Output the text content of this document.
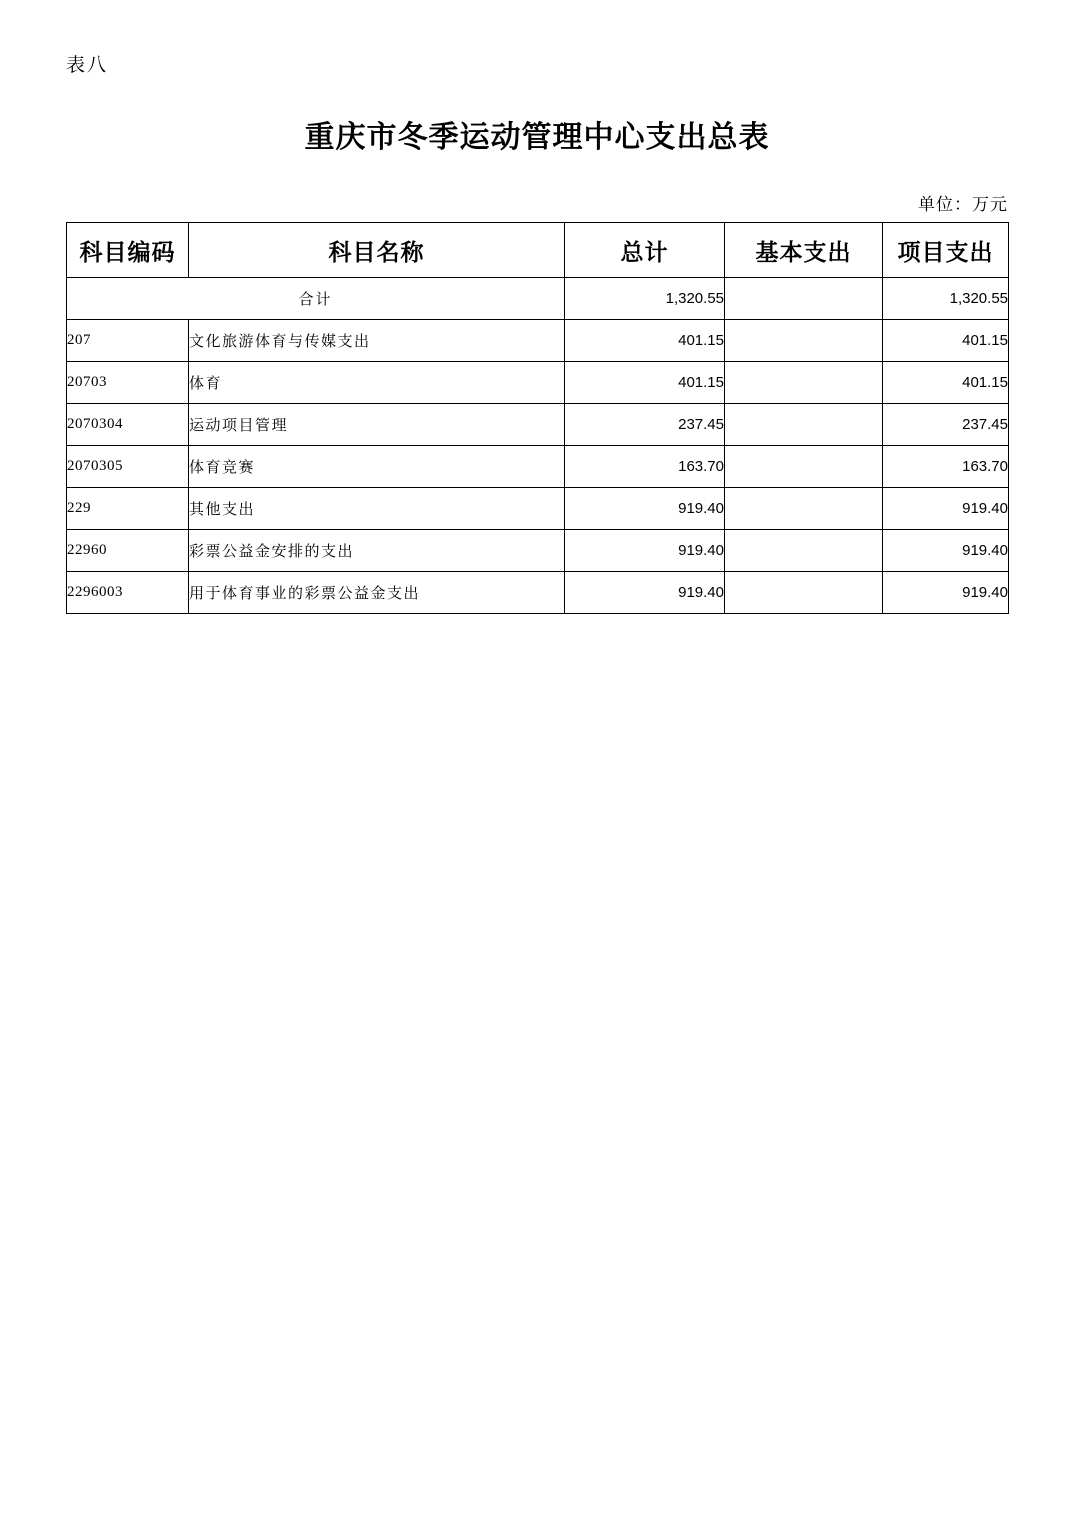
表八
重庆市冬季运动管理中心支出总表
单位：万元
科目编码	科目名称	总计	基本支出	项目支出
合计		1,320.55		1,320.55
207	文化旅游体育与传媒支出	401.15		401.15
20703	体育	401.15		401.15
2070304	运动项目管理	237.45		237.45
2070305	体育竞赛	163.70		163.70
229	其他支出	919.40		919.40
22960	彩票公益金安排的支出	919.40		919.40
2296003	用于体育事业的彩票公益金支出	919.40		919.40
